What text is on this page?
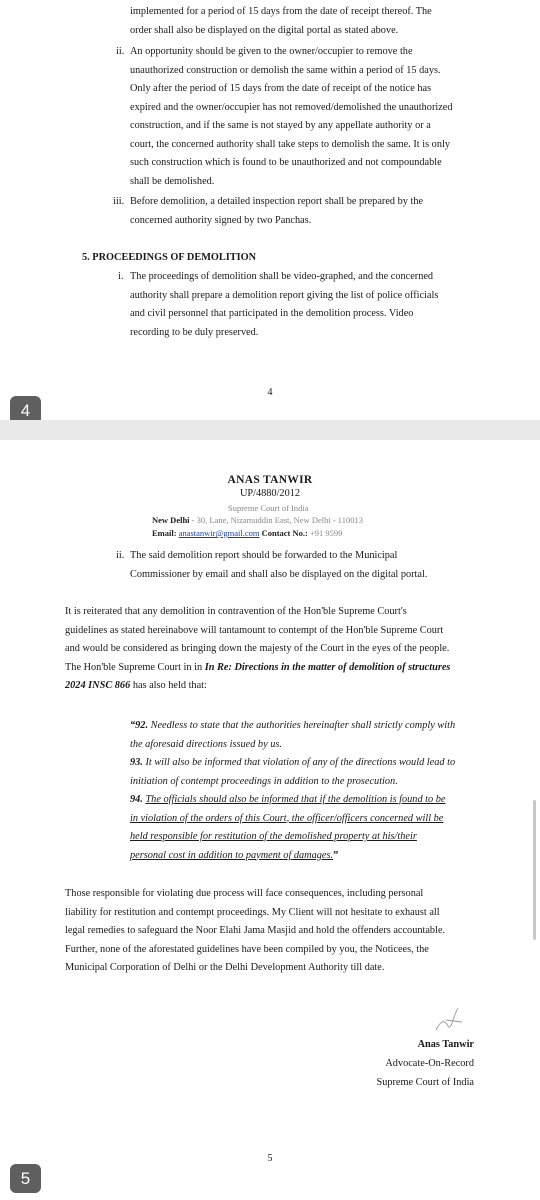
implemented for a period of 15 days from the date of receipt thereof. The
order shall also be displayed on the digital portal as stated above.
ii. An opportunity should be given to the owner/occupier to remove the
unauthorized construction or demolish the same within a period of 15 days.
Only after the period of 15 days from the date of receipt of the notice has
expired and the owner/occupier has not removed/demolished the unauthorized
construction, and if the same is not stayed by any appellate authority or a
court, the concerned authority shall take steps to demolish the same. It is only
such construction which is found to be unauthorized and not compoundable
shall be demolished.
iii. Before demolition, a detailed inspection report shall be prepared by the
concerned authority signed by two Panchas.
5. PROCEEDINGS OF DEMOLITION
i. The proceedings of demolition shall be video-graphed, and the concerned
authority shall prepare a demolition report giving the list of police officials
and civil personnel that participated in the demolition process. Video
recording to be duly preserved.
4
4
ANAS TANWIR
UP/4880/2012
Supreme Court of India
New Delhi - 30, Lane, Nizamuddin East, New Delhi - 110013
Email: anastanwir@gmail.com Contact No.: +91 9599
ii. The said demolition report should be forwarded to the Municipal
Commissioner by email and shall also be displayed on the digital portal.
It is reiterated that any demolition in contravention of the Hon'ble Supreme Court's
guidelines as stated hereinabove will tantamount to contempt of the Hon'ble Supreme Court
and would be considered as bringing down the majesty of the Court in the eyes of the people.
The Hon'ble Supreme Court in in In Re: Directions in the matter of demolition of structures
2024 INSC 866 has also held that:
“92. Needless to state that the authorities hereinafter shall strictly comply with
the aforesaid directions issued by us.
93. It will also be informed that violation of any of the directions would lead to
initiation of contempt proceedings in addition to the prosecution.
94. The officials should also be informed that if the demolition is found to be
in violation of the orders of this Court, the officer/officers concerned will be
held responsible for restitution of the demolished property at his/their
personal cost in addition to payment of damages.”
Those responsible for violating due process will face consequences, including personal
liability for restitution and contempt proceedings. My Client will not hesitate to exhaust all
legal remedies to safeguard the Noor Elahi Jama Masjid and hold the offenders accountable.
Further, none of the aforestated guidelines have been compiled by you, the Noticees, the
Municipal Corporation of Delhi or the Delhi Development Authority till date.
Anas Tanwir
Advocate-On-Record
Supreme Court of India
5
5
